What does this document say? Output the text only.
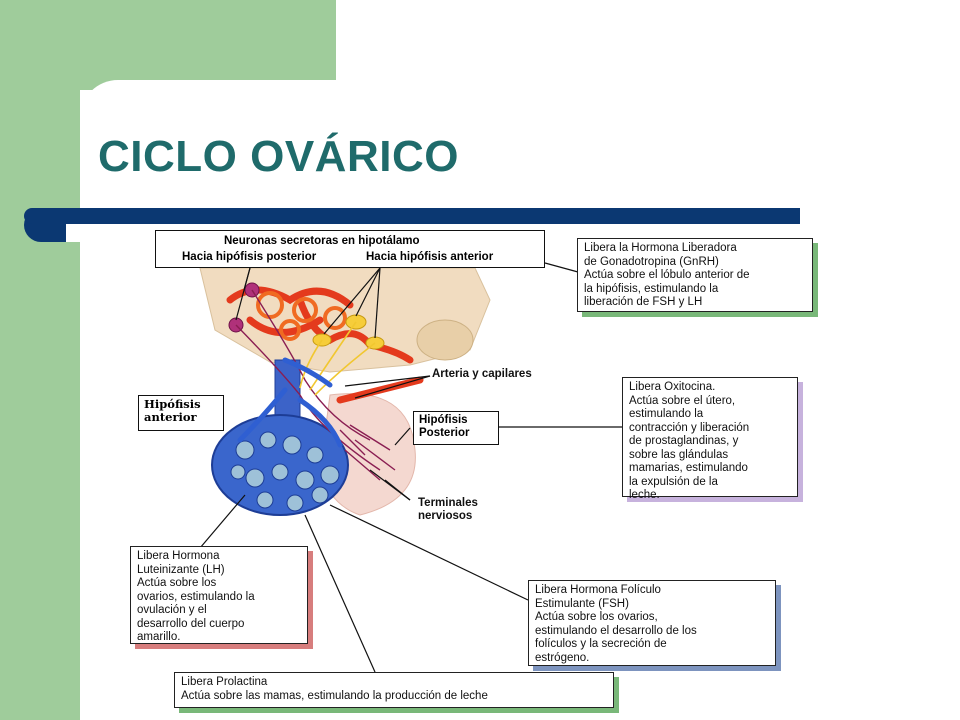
CICLO OVÁRICO
Neuronas secretoras en hipotálamo
Hacia hipófisis posterior	Hacia hipófisis anterior

Libera la Hormona Liberadora

de Gonadotropina (GnRH)

Actúa sobre el lóbulo anterior de

la hipófisis, estimulando la

liberación de FSH y LH

Arteria y capilares
Hipófisis
anterior	Hipófisis
Posterior

Libera Oxitocina.

Actúa sobre el útero,

estimulando la

contracción y liberación

de prostaglandinas, y

sobre las glándulas

mamarias, estimulando

la expulsión de la

leche.

Terminales
nerviosos

Libera Hormona

Luteinizante (LH)

Actúa sobre los

ovarios, estimulando la

ovulación y el

desarrollo del cuerpo

amarillo.

Libera Hormona Folículo

Estimulante (FSH)

Actúa sobre los ovarios,

estimulando el desarrollo de los

folículos y la secreción de

estrógeno.

Libera Prolactina

Actúa sobre las mamas, estimulando la producción de leche
